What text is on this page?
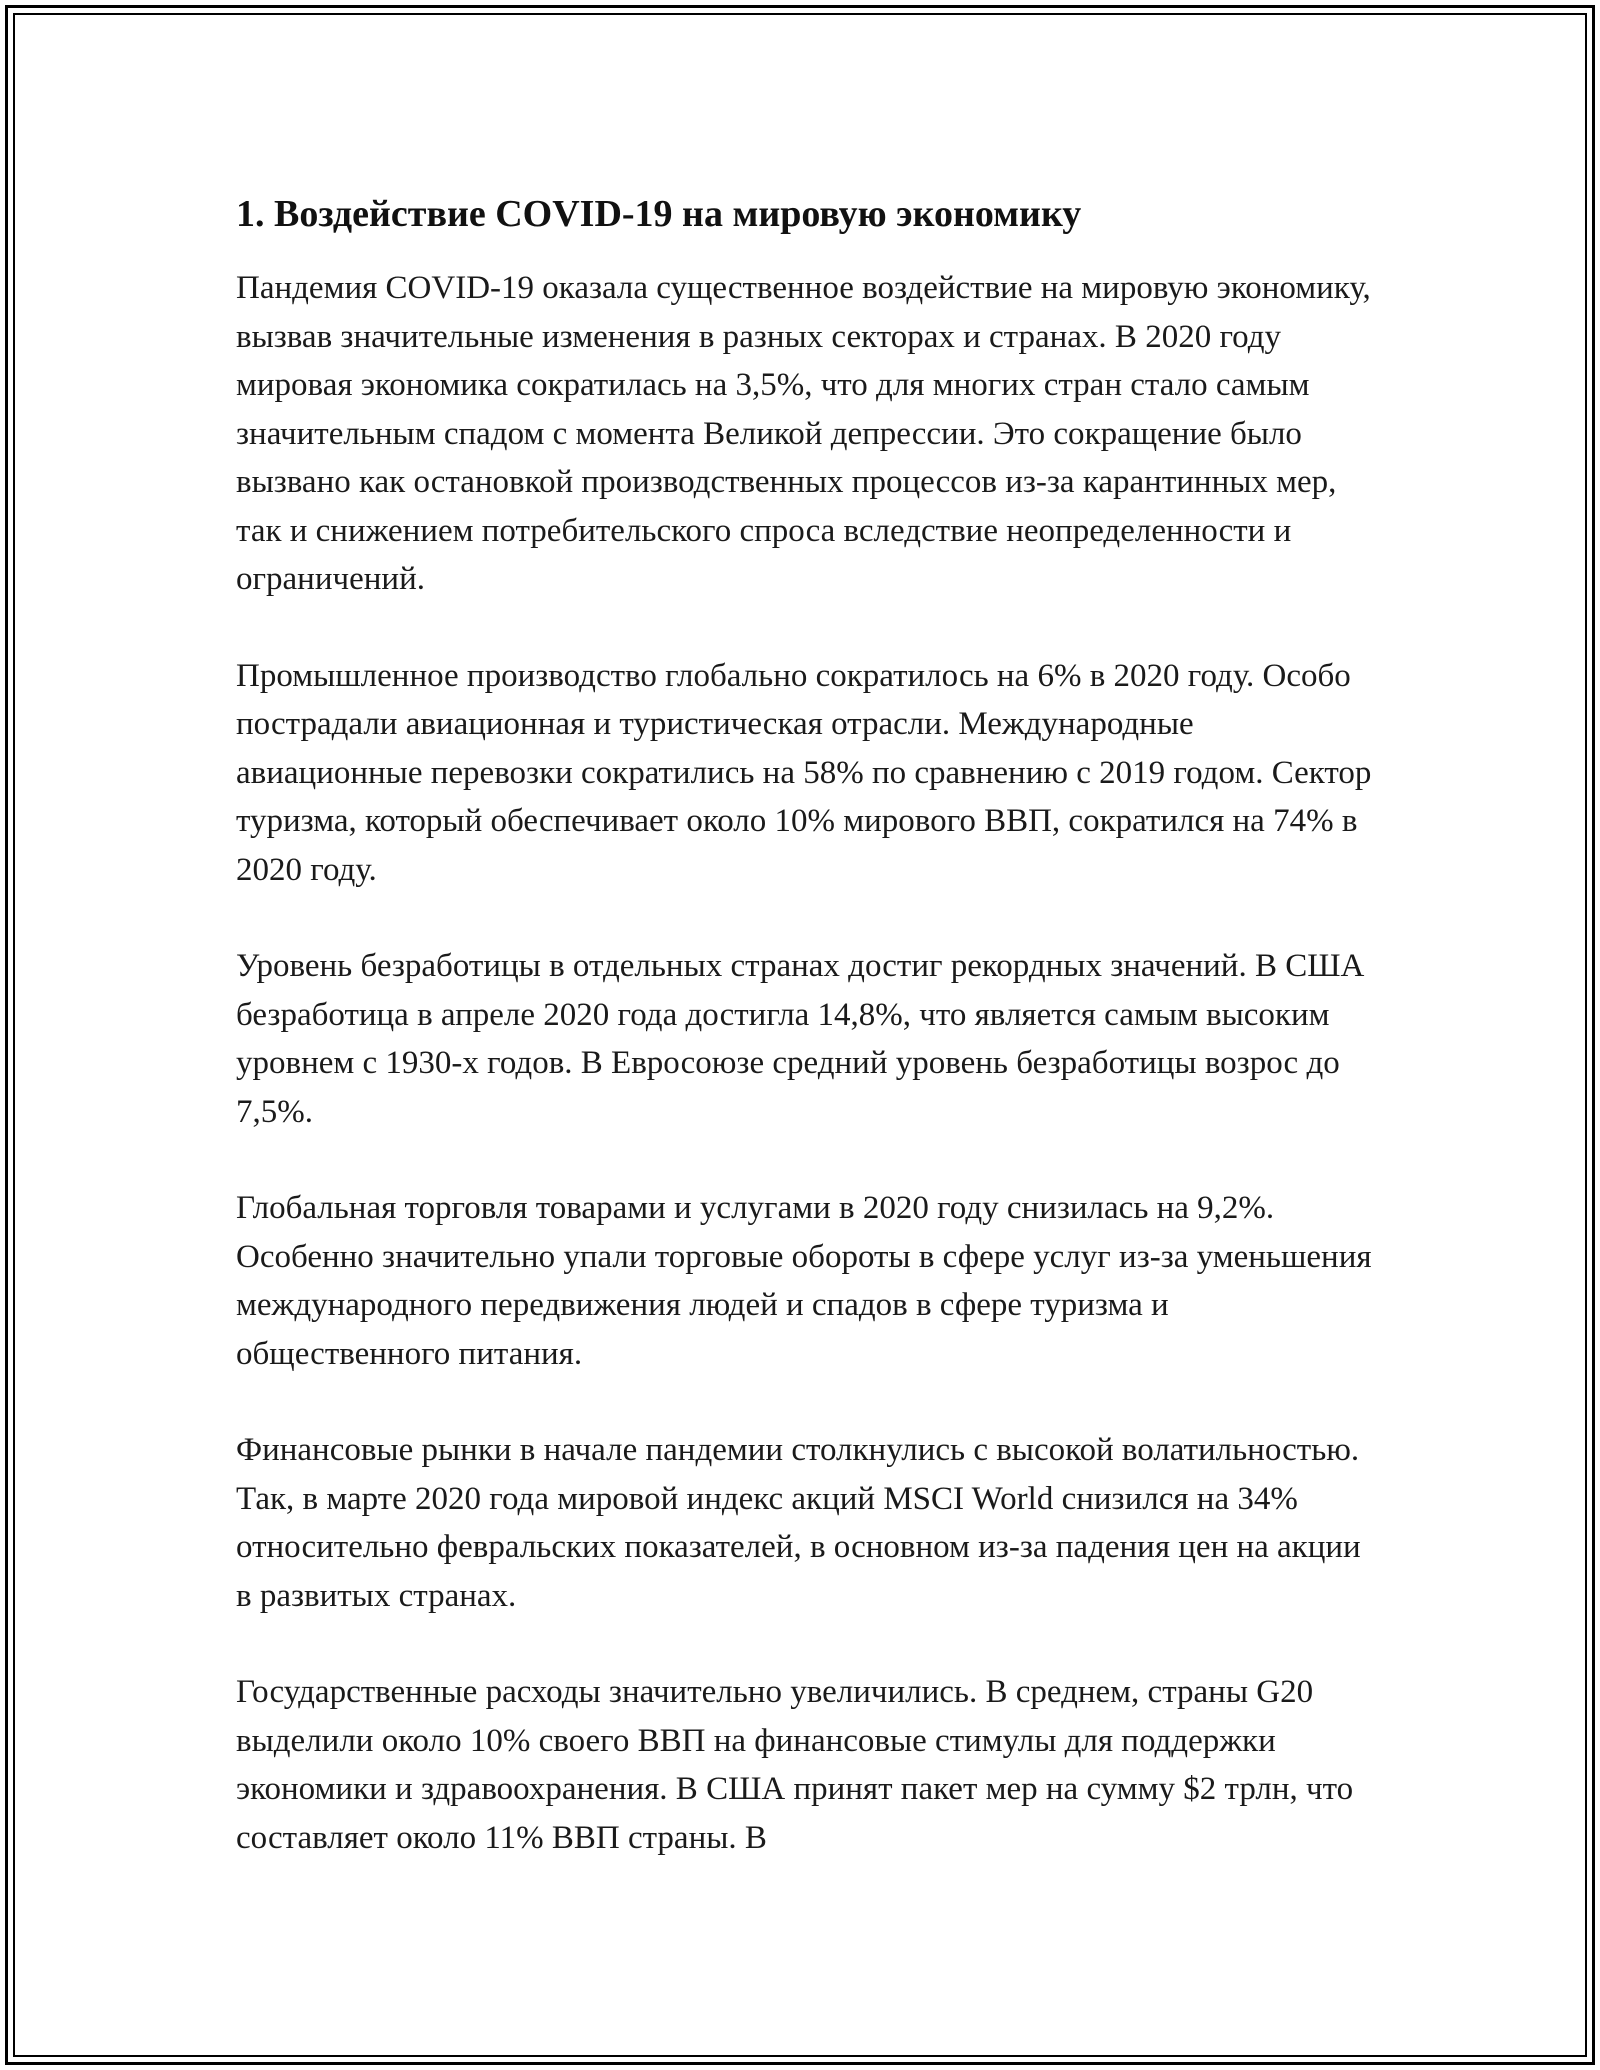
1. Воздействие COVID-19 на мировую экономику

Пандемия COVID-19 оказала существенное воздействие на мировую экономику, вызвав значительные изменения в разных секторах и странах. В 2020 году мировая экономика сократилась на 3,5%, что для многих стран стало самым значительным спадом с момента Великой депрессии. Это сокращение было вызвано как остановкой производственных процессов из-за карантинных мер, так и снижением потребительского спроса вследствие неопределенности и ограничений.

Промышленное производство глобально сократилось на 6% в 2020 году. Особо пострадали авиационная и туристическая отрасли. Международные авиационные перевозки сократились на 58% по сравнению с 2019 годом. Сектор туризма, который обеспечивает около 10% мирового ВВП, сократился на 74% в 2020 году.

Уровень безработицы в отдельных странах достиг рекордных значений. В США безработица в апреле 2020 года достигла 14,8%, что является самым высоким уровнем с 1930-х годов. В Евросоюзе средний уровень безработицы возрос до 7,5%.

Глобальная торговля товарами и услугами в 2020 году снизилась на 9,2%. Особенно значительно упали торговые обороты в сфере услуг из-за уменьшения международного передвижения людей и спадов в сфере туризма и общественного питания.

Финансовые рынки в начале пандемии столкнулись с высокой волатильностью. Так, в марте 2020 года мировой индекс акций MSCI World снизился на 34% относительно февральских показателей, в основном из-за падения цен на акции в развитых странах.

Государственные расходы значительно увеличились. В среднем, страны G20 выделили около 10% своего ВВП на финансовые стимулы для поддержки экономики и здравоохранения. В США принят пакет мер на сумму $2 трлн, что составляет около 11% ВВП страны. В
